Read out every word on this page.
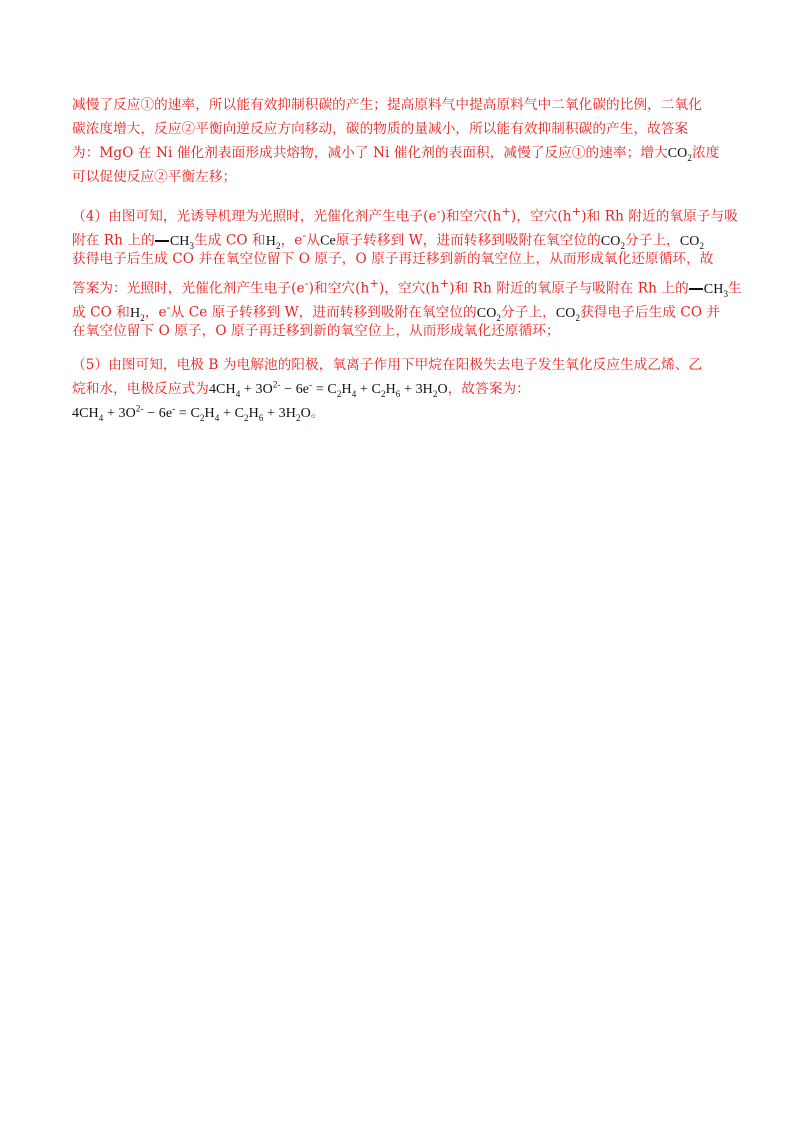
减慢了反应①的速率，所以能有效抑制积碳的产生；提高原料气中提高原料气中二氧化碳的比例，二氧化
碳浓度增大，反应②平衡向逆反应方向移动，碳的物质的量减小，所以能有效抑制积碳的产生，故答案
为：MgO 在 Ni 催化剂表面形成共熔物，减小了 Ni 催化剂的表面积，减慢了反应①的速率；增大$CO_2$浓度
可以促使反应②平衡左移；
（4）由图可知，光诱导机理为光照时，光催化剂产生电子(e-)和空穴(h+)，空穴(h+)和 Rh 附近的氧原子与吸
附在 Rh 上的 $CH_3$生成 CO 和$H_2$，e-从Ce原子转移到 W，进而转移到吸附在氧空位的$CO_2$分子上，$CO_2$
获得电子后生成 CO 并在氧空位留下 O 原子，O 原子再迁移到新的氧空位上，从而形成氧化还原循环，故
答案为：光照时，光催化剂产生电子(e-)和空穴(h+)，空穴(h+)和 Rh 附近的氧原子与吸附在 Rh 上的 $CH_3$生
成 CO 和$H_2$，e-从 Ce 原子转移到 W，进而转移到吸附在氧空位的$CO_2$分子上，$CO_2$获得电子后生成 CO 并
在氧空位留下 O 原子，O 原子再迁移到新的氧空位上，从而形成氧化还原循环；
（5）由图可知，电极 B 为电解池的阳极，氧离子作用下甲烷在阳极失去电子发生氧化反应生成乙烯、乙
烷和水，电极反应式为$4CH_4 + 3O^{2-} - 6e^- = C_2H_4 + C_2H_6 + 3H_2O$，故答案为：
$4CH_4 + 3O^{2-} - 6e^- = C_2H_4 + C_2H_6 + 3H_2O$。
